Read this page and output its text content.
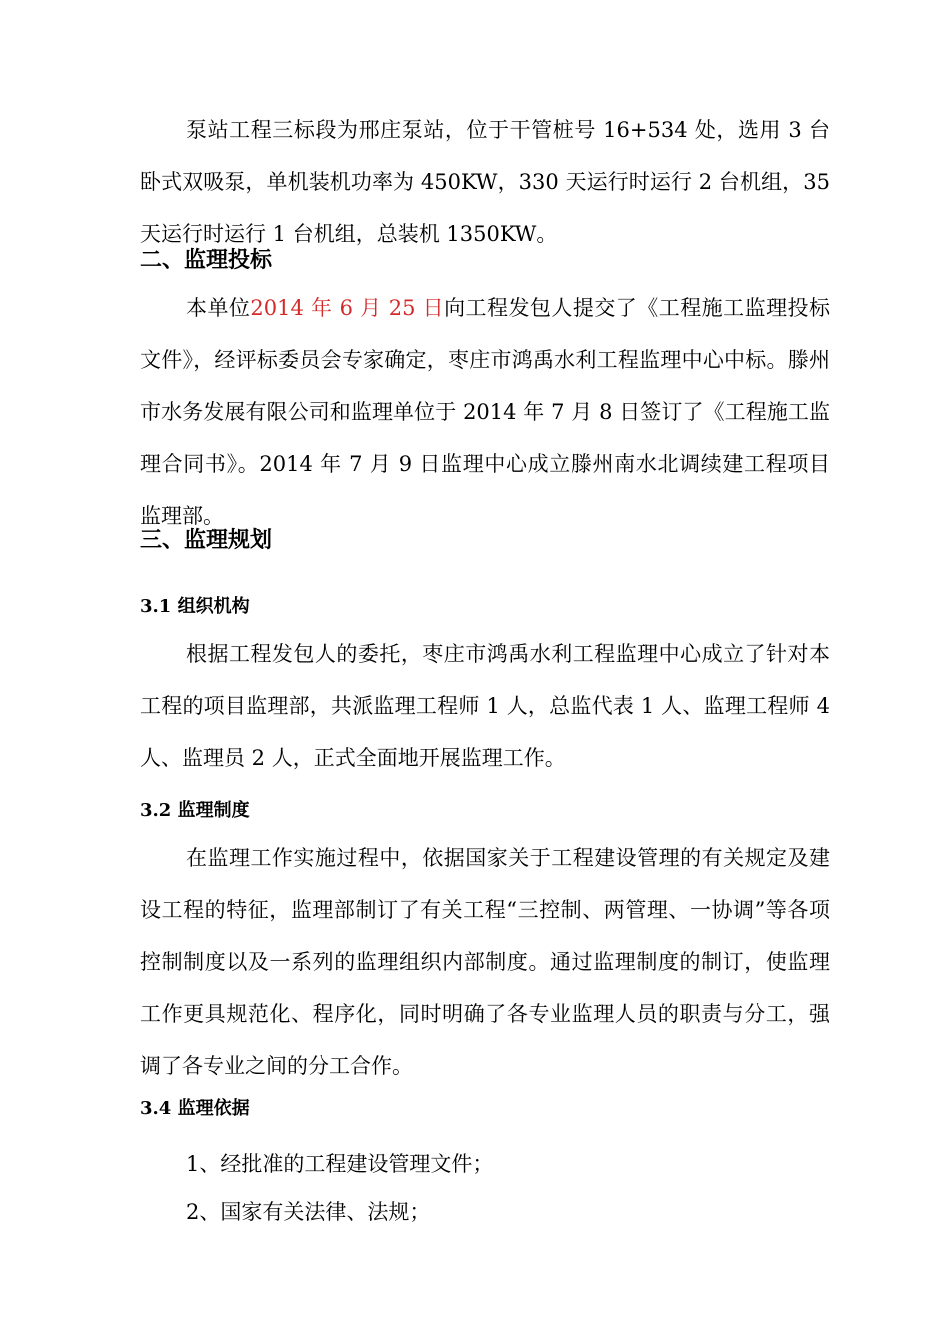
泵站工程三标段为邢庄泵站，位于干管桩号 16+534 处，选用 3 台卧式双吸泵，单机装机功率为 450KW，330 天运行时运行 2 台机组，35 天运行时运行 1 台机组，总装机 1350KW。

二、监理投标

本单位2014 年 6 月 25 日向工程发包人提交了《工程施工监理投标文件》，经评标委员会专家确定，枣庄市鸿禹水利工程监理中心中标。滕州市水务发展有限公司和监理单位于 2014 年 7 月 8 日签订了《工程施工监理合同书》。2014 年 7 月 9 日监理中心成立滕州南水北调续建工程项目监理部。

三、监理规划
3.1 组织机构

根据工程发包人的委托，枣庄市鸿禹水利工程监理中心成立了针对本工程的项目监理部，共派监理工程师 1 人，总监代表 1 人、监理工程师 4 人、监理员 2 人，正式全面地开展监理工作。

3.2 监理制度

在监理工作实施过程中，依据国家关于工程建设管理的有关规定及建设工程的特征，监理部制订了有关工程“三控制、两管理、一协调”等各项控制制度以及一系列的监理组织内部制度。通过监理制度的制订，使监理工作更具规范化、程序化，同时明确了各专业监理人员的职责与分工，强调了各专业之间的分工合作。

3.4 监理依据

1、经批准的工程建设管理文件；

2、国家有关法律、法规；
